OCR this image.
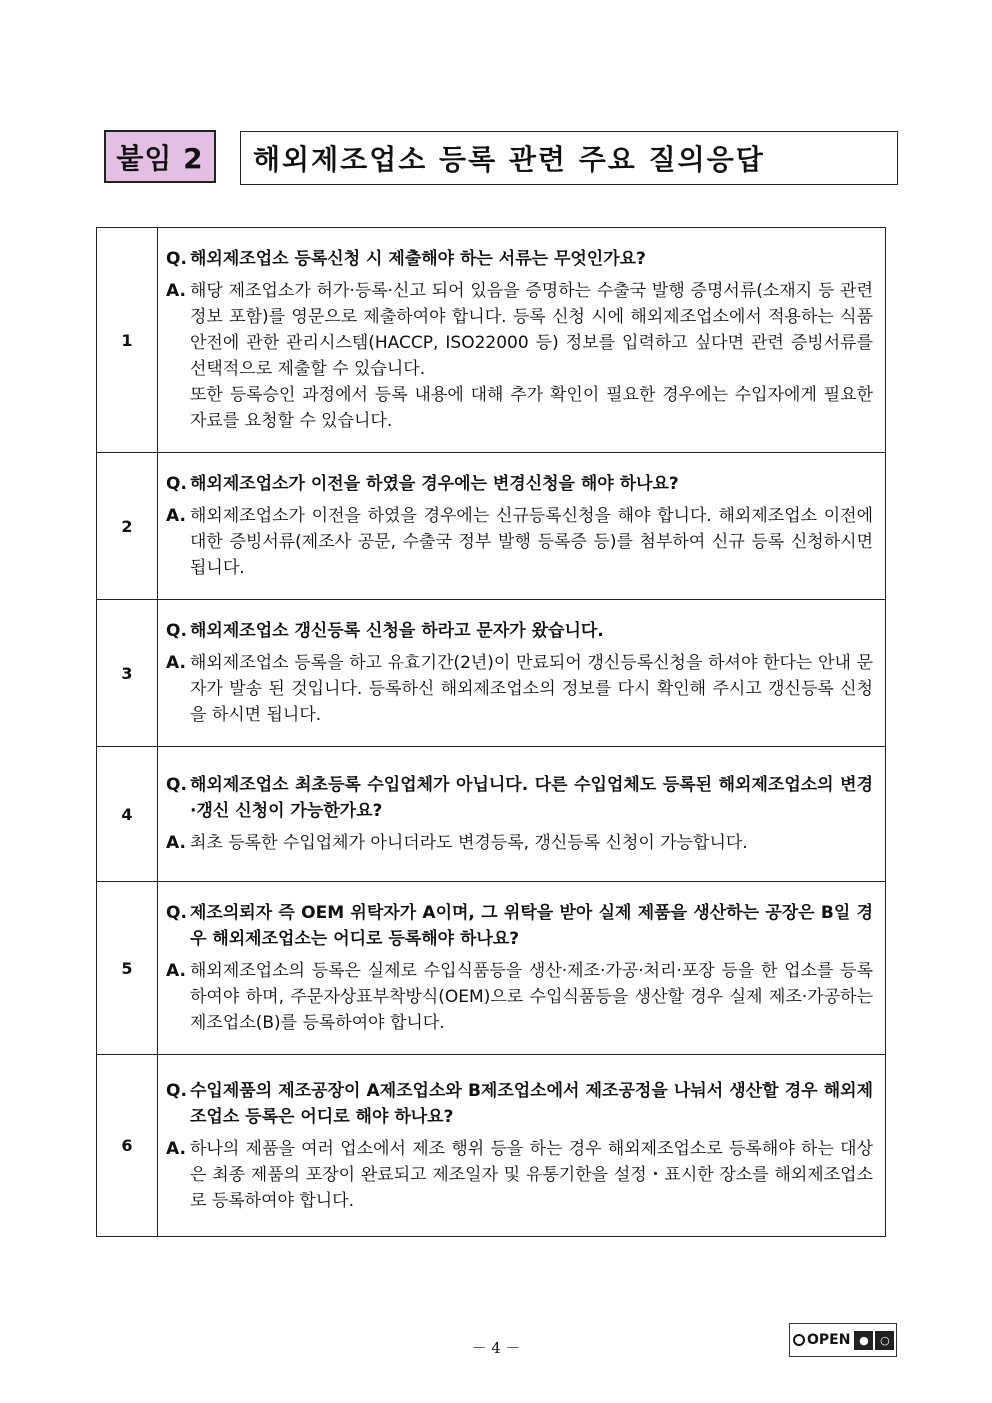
붙임 2 해외제조업소 등록 관련 주요 질의응답
1	Q. 해외제조업소 등록신청 시 제출해야 하는 서류는 무엇인가요?
A. 해당 제조업소가 허가·등록·신고 되어 있음을 증명하는 수출국 발행 증명서류(소재지 등 관련 정보 포함)를 영문으로 제출하여야 합니다. 등록 신청 시에 해외제조업소에서 적용하는 식품안전에 관한 관리시스템(HACCP, ISO22000 등) 정보를 입력하고 싶다면 관련 증빙서류를 선택적으로 제출할 수 있습니다.
또한 등록승인 과정에서 등록 내용에 대해 추가 확인이 필요한 경우에는 수입자에게 필요한 자료를 요청할 수 있습니다.

2	Q. 해외제조업소가 이전을 하였을 경우에는 변경신청을 해야 하나요?
A. 해외제조업소가 이전을 하였을 경우에는 신규등록신청을 해야 합니다. 해외제조업소 이전에 대한 증빙서류(제조사 공문, 수출국 정부 발행 등록증 등)를 첨부하여 신규 등록 신청하시면 됩니다.

3	Q. 해외제조업소 갱신등록 신청을 하라고 문자가 왔습니다.
A. 해외제조업소 등록을 하고 유효기간(2년)이 만료되어 갱신등록신청을 하셔야 한다는 안내 문자가 발송 된 것입니다. 등록하신 해외제조업소의 정보를 다시 확인해 주시고 갱신등록 신청을 하시면 됩니다.

4	Q. 해외제조업소 최초등록 수입업체가 아닙니다. 다른 수입업체도 등록된 해외제조업소의 변경·갱신 신청이 가능한가요?
A. 최초 등록한 수입업체가 아니더라도 변경등록, 갱신등록 신청이 가능합니다.

5	Q. 제조의뢰자 즉 OEM 위탁자가 A이며, 그 위탁을 받아 실제 제품을 생산하는 공장은 B일 경우 해외제조업소는 어디로 등록해야 하나요?
A. 해외제조업소의 등록은 실제로 수입식품등을 생산·제조·가공·처리·포장 등을 한 업소를 등록하여야 하며, 주문자상표부착방식(OEM)으로 수입식품등을 생산할 경우 실제 제조·가공하는 제조업소(B)를 등록하여야 합니다.

6	Q. 수입제품의 제조공장이 A제조업소와 B제조업소에서 제조공정을 나눠서 생산할 경우 해외제조업소 등록은 어디로 해야 하나요?
A. 하나의 제품을 여러 업소에서 제조 행위 등을 하는 경우 해외제조업소로 등록해야 하는 대상은 최종 제품의 포장이 완료되고 제조일자 및 유통기한을 설정・표시한 장소를 해외제조업소로 등록하여야 합니다.
－ 4 －	OPEN ●	○
